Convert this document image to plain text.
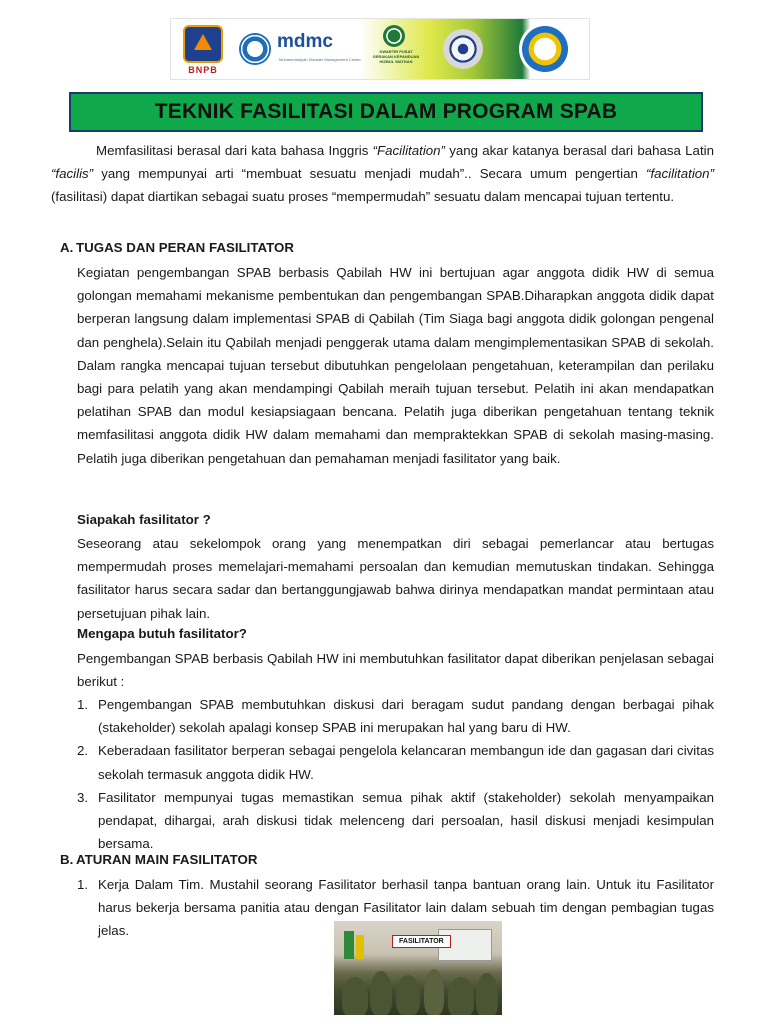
BNPB
mdmc
Muhammadiyah Disaster Management Center
KWARTIR PUSAT GERAKAN KEPANDUAN HIZBUL WATHAN
TEKNIK FASILITASI DALAM PROGRAM SPAB

Memfasilitasi berasal dari kata bahasa Inggris “Facilitation” yang akar katanya berasal dari bahasa Latin “facilis” yang mempunyai arti “membuat sesuatu menjadi mudah”.. Secara umum pengertian “facilitation” (fasilitasi) dapat diartikan sebagai suatu proses “mempermudah” sesuatu dalam mencapai tujuan tertentu.

A. TUGAS DAN PERAN FASILITATOR

Kegiatan pengembangan SPAB berbasis Qabilah HW ini bertujuan agar anggota didik HW di semua golongan memahami mekanisme pembentukan dan pengembangan SPAB.Diharapkan anggota didik dapat berperan langsung dalam implementasi SPAB di Qabilah (Tim Siaga bagi anggota didik golongan pengenal dan penghela).Selain itu Qabilah menjadi penggerak utama dalam mengimplementasikan SPAB di sekolah. Dalam rangka mencapai tujuan tersebut dibutuhkan pengelolaan pengetahuan, keterampilan dan perilaku bagi para pelatih yang akan mendampingi Qabilah meraih tujuan tersebut. Pelatih ini akan mendapatkan pelatihan SPAB dan modul kesiapsiagaan bencana. Pelatih juga diberikan pengetahuan tentang teknik memfasilitasi anggota didik HW dalam memahami dan mempraktekkan SPAB di sekolah masing-masing. Pelatih juga diberikan pengetahuan dan pemahaman menjadi fasilitator yang baik.

Siapakah fasilitator ?

Seseorang atau sekelompok orang yang menempatkan diri sebagai pemerlancar atau bertugas mempermudah proses memelajari-memahami persoalan dan kemudian memutuskan tindakan. Sehingga fasilitator harus secara sadar dan bertanggungjawab bahwa dirinya mendapatkan mandat permintaan atau persetujuan pihak lain.

Mengapa butuh fasilitator?

Pengembangan SPAB berbasis Qabilah HW ini membutuhkan fasilitator dapat diberikan penjelasan sebagai berikut :

1. Pengembangan SPAB membutuhkan diskusi dari beragam sudut pandang dengan berbagai pihak (stakeholder) sekolah apalagi konsep SPAB ini merupakan hal yang baru di HW.
2. Keberadaan fasilitator berperan sebagai pengelola kelancaran membangun ide dan gagasan dari civitas sekolah termasuk anggota didik HW.
3. Fasilitator mempunyai tugas memastikan semua pihak aktif (stakeholder) sekolah menyampaikan pendapat, dihargai, arah diskusi tidak melenceng dari persoalan, hasil diskusi menjadi kesimpulan bersama.
B. ATURAN MAIN FASILITATOR
1. Kerja Dalam Tim. Mustahil seorang Fasilitator berhasil tanpa bantuan orang lain. Untuk itu Fasilitator harus bekerja bersama panitia atau dengan Fasilitator lain dalam sebuah tim dengan pembagian tugas jelas.
FASILITATOR
